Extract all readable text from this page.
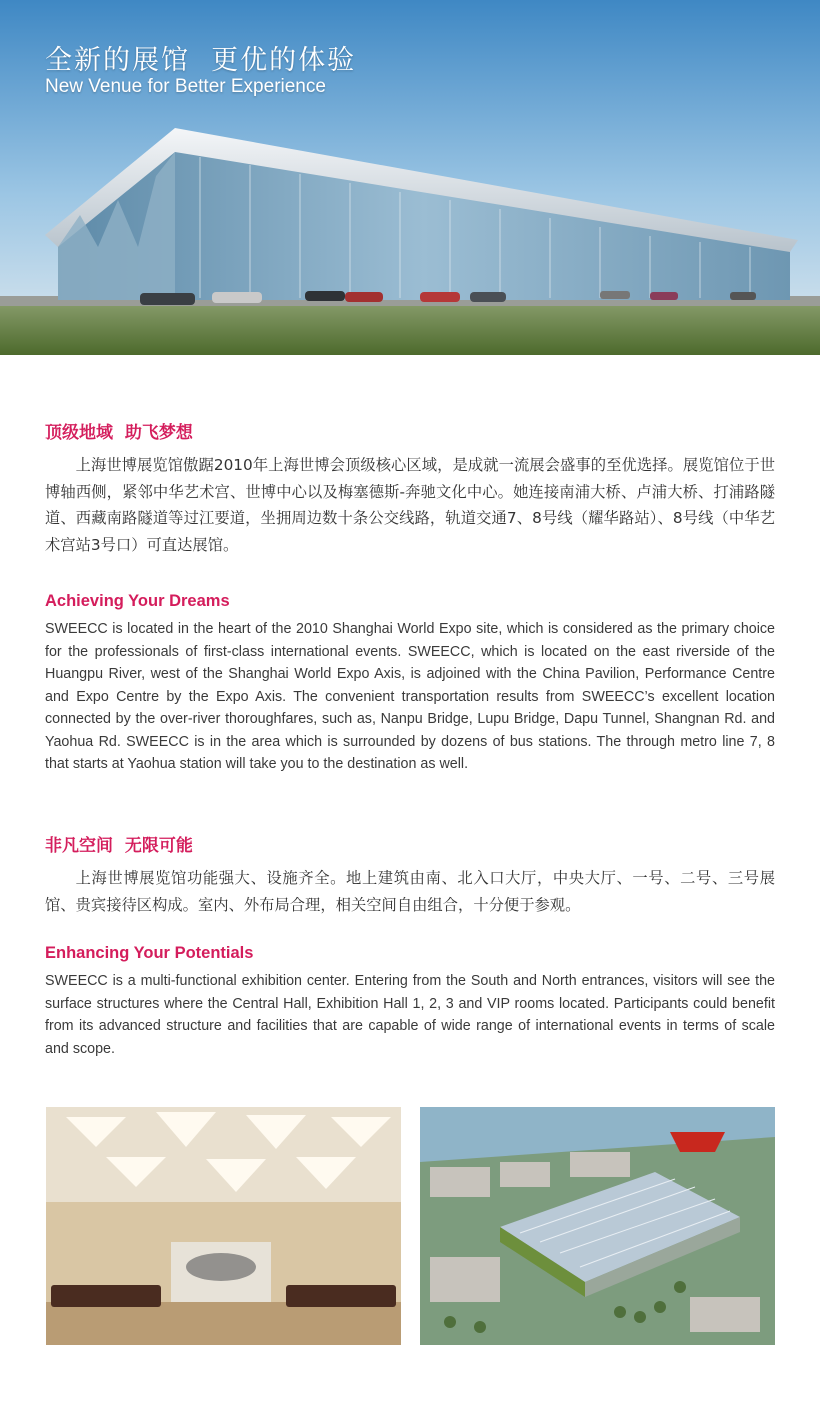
全新的展馆  更优的体验
New Venue for Better Experience
顶级地域  助飞梦想

上海世博展览馆傲踞2010年上海世博会顶级核心区域，是成就一流展会盛事的至优选择。展览馆位于世博轴西侧，紧邻中华艺术宫、世博中心以及梅塞德斯-奔驰文化中心。她连接南浦大桥、卢浦大桥、打浦路隧道、西藏南路隧道等过江要道，坐拥周边数十条公交线路，轨道交通7、8号线（耀华路站）、8号线（中华艺术宫站3号口）可直达展馆。

Achieving Your Dreams

SWEECC is located in the heart of the 2010 Shanghai World Expo site, which is considered as the primary choice for the professionals of first-class international events. SWEECC, which is located on the east riverside of the Huangpu River, west of the Shanghai World Expo Axis, is adjoined with the China Pavilion, Performance Centre and Expo Centre by the Expo Axis. The convenient transportation results from SWEECC’s excellent location connected by the over-river thoroughfares, such as, Nanpu Bridge, Lupu Bridge, Dapu Tunnel, Shangnan Rd. and Yaohua Rd. SWEECC is in the area which is surrounded by dozens of bus stations. The through metro line 7, 8 that starts at Yaohua station will take you to the destination as well.

非凡空间  无限可能

上海世博展览馆功能强大、设施齐全。地上建筑由南、北入口大厅，中央大厅、一号、二号、三号展馆、贵宾接待区构成。室内、外布局合理，相关空间自由组合，十分便于参观。

Enhancing Your Potentials

SWEECC is a multi-functional exhibition center. Entering from the South and North entrances, visitors will see the surface structures where the Central Hall, Exhibition Hall 1, 2, 3 and VIP rooms located. Participants could benefit from its advanced structure and facilities that are capable of wide range of international events in terms of scale and scope.
